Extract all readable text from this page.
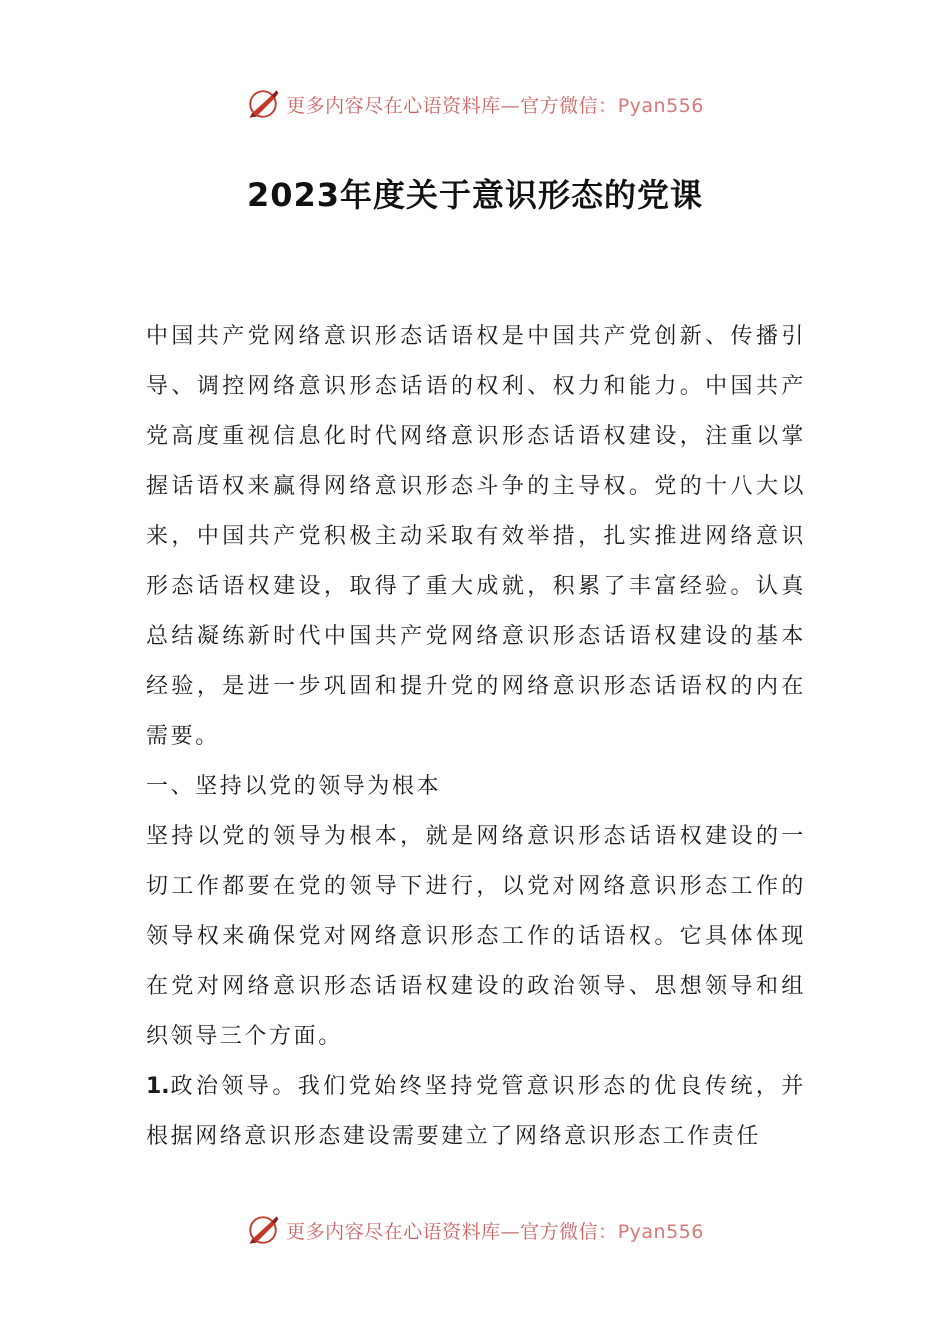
更多内容尽在心语资料库—官方微信：Pyan556
2023年度关于意识形态的党课

中国共产党网络意识形态话语权是中国共产党创新、传播引导、调控网络意识形态话语的权利、权力和能力。中国共产党高度重视信息化时代网络意识形态话语权建设，注重以掌握话语权来赢得网络意识形态斗争的主导权。党的十八大以来，中国共产党积极主动采取有效举措，扎实推进网络意识形态话语权建设，取得了重大成就，积累了丰富经验。认真总结凝练新时代中国共产党网络意识形态话语权建设的基本经验，是进一步巩固和提升党的网络意识形态话语权的内在需要。

一、坚持以党的领导为根本

坚持以党的领导为根本，就是网络意识形态话语权建设的一切工作都要在党的领导下进行，以党对网络意识形态工作的领导权来确保党对网络意识形态工作的话语权。它具体体现在党对网络意识形态话语权建设的政治领导、思想领导和组织领导三个方面。

1.政治领导。我们党始终坚持党管意识形态的优良传统，并根据网络意识形态建设需要建立了网络意识形态工作责任

更多内容尽在心语资料库—官方微信：Pyan556
